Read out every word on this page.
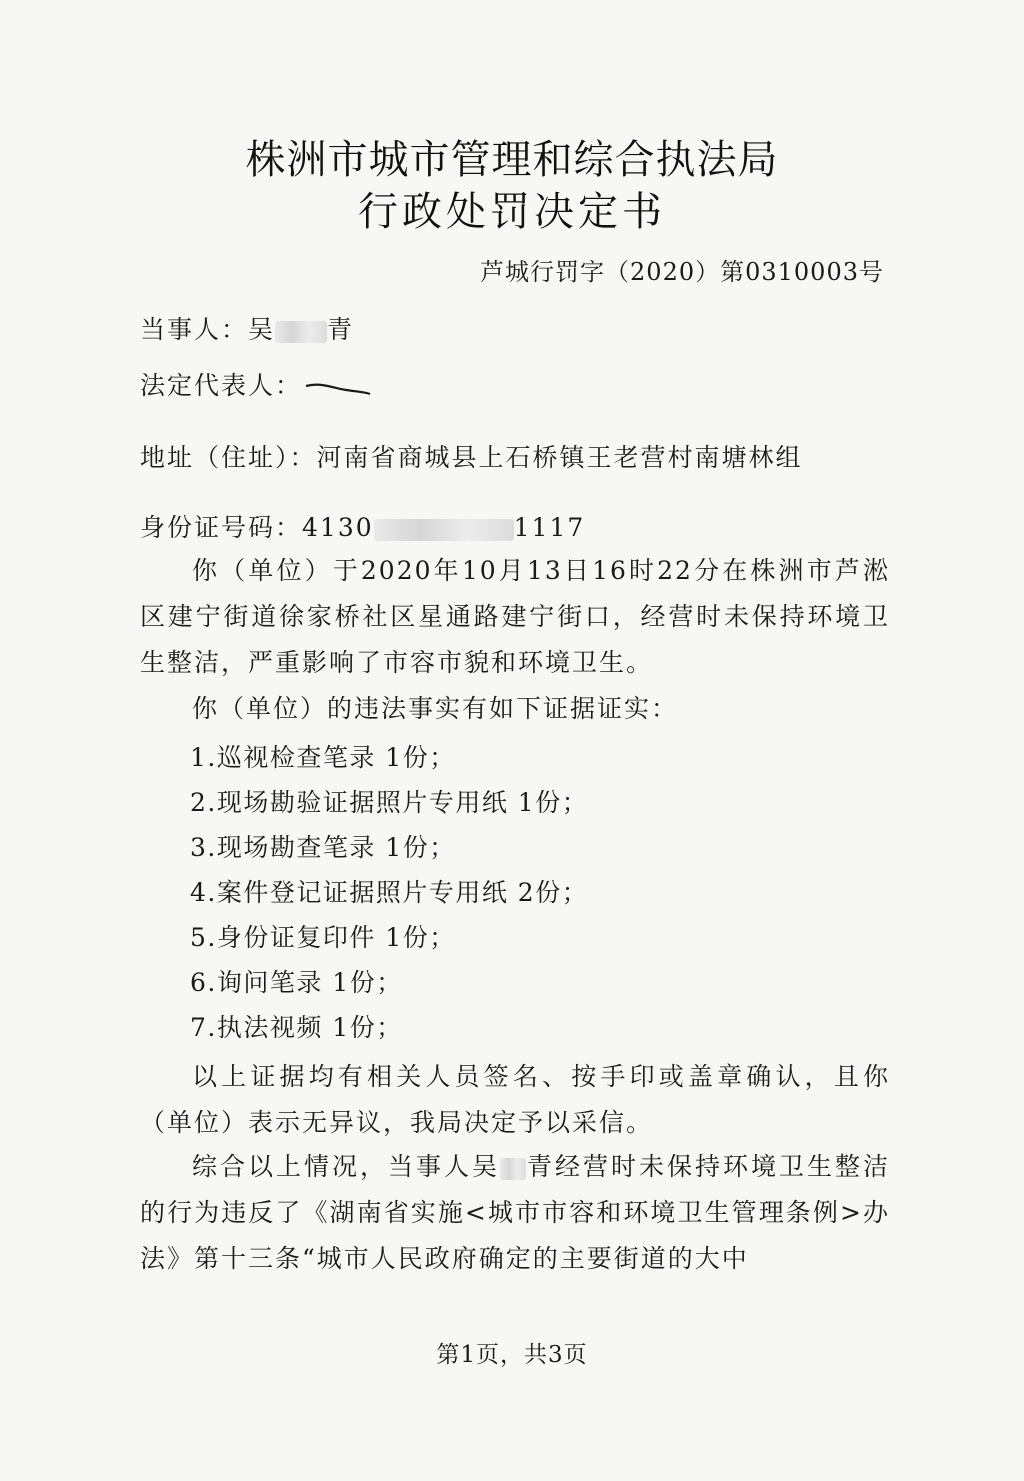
株洲市城市管理和综合执法局
行政处罚决定书
芦城行罚字（2020）第0310003号
当事人：吴 青
法定代表人：
地址（住址）：河南省商城县上石桥镇王老营村南塘林组
身份证号码：4130	1117
你（单位）于2020年10月13日16时22分在株洲市芦淞区建宁街道徐家桥社区星通路建宁街口，经营时未保持环境卫生整洁，严重影响了市容市貌和环境卫生。
你（单位）的违法事实有如下证据证实：
1.巡视检查笔录 1份；
2.现场勘验证据照片专用纸 1份；
3.现场勘查笔录 1份；
4.案件登记证据照片专用纸 2份；
5.身份证复印件 1份；
6.询问笔录 1份；
7.执法视频 1份；
以上证据均有相关人员签名、按手印或盖章确认，且你（单位）表示无异议，我局决定予以采信。
综合以上情况，当事人吴 青经营时未保持环境卫生整洁的行为违反了《湖南省实施<城市市容和环境卫生管理条例>办法》第十三条“城市人民政府确定的主要街道的大中
第1页，共3页
